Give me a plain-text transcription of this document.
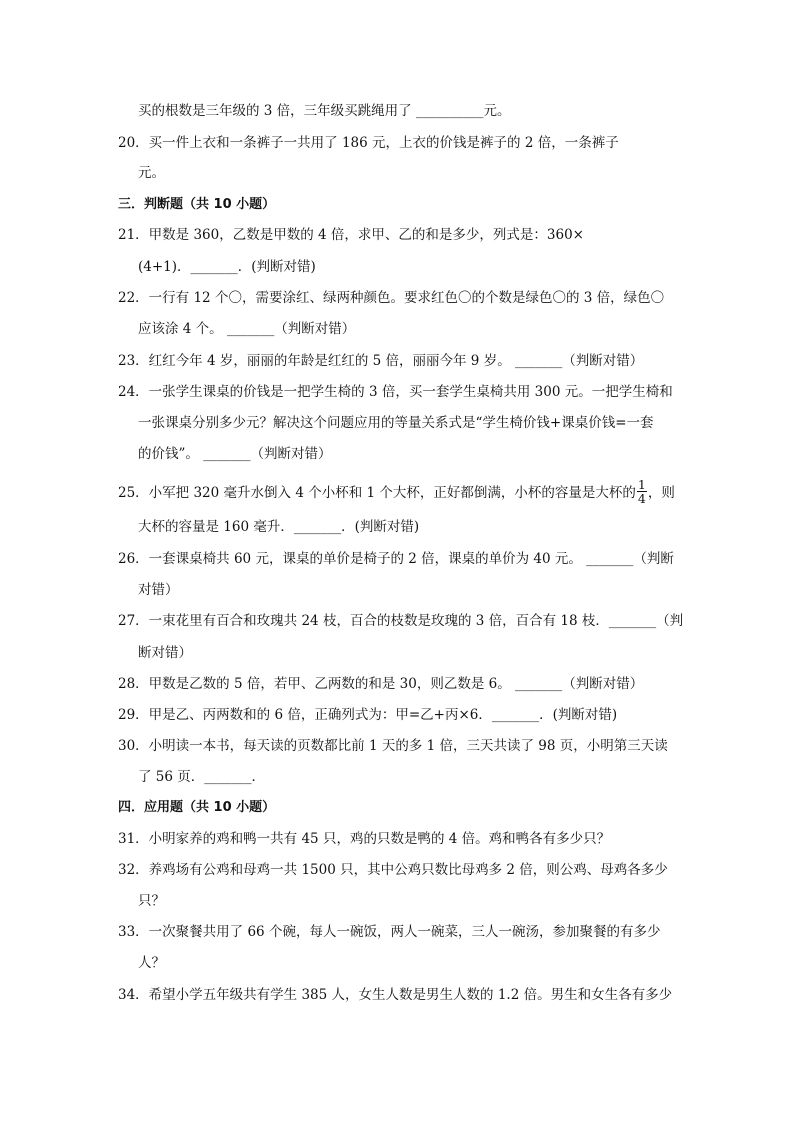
买的根数是三年级的 3 倍，三年级买跳绳用了 __________元。
20．买一件上衣和一条裤子一共用了 186 元，上衣的价钱是裤子的 2 倍，一条裤子
元。
三．判断题（共 10 小题）
21．甲数是 360，乙数是甲数的 4 倍，求甲、乙的和是多少，列式是：360×
(4+1)．_______．(判断对错)
22．一行有 12 个〇，需要涂红、绿两种颜色。要求红色〇的个数是绿色〇的 3 倍，绿色〇
应该涂 4 个。 _______（判断对错）
23．红红今年 4 岁，丽丽的年龄是红红的 5 倍，丽丽今年 9 岁。 _______（判断对错）
24．一张学生课桌的价钱是一把学生椅的 3 倍，买一套学生桌椅共用 300 元。一把学生椅和
一张课桌分别多少元？解决这个问题应用的等量关系式是“学生椅价钱+课桌价钱=一套
的价钱”。 _______（判断对错）
25．小军把 320 毫升水倒入 4 个小杯和 1 个大杯，正好都倒满，小杯的容量是大杯的 $\frac{1}{4}$ ，则
大杯的容量是 160 毫升．_______．(判断对错)
26．一套课桌椅共 60 元，课桌的单价是椅子的 2 倍，课桌的单价为 40 元。 _______（判断
对错）
27．一束花里有百合和玫瑰共 24 枝，百合的枝数是玫瑰的 3 倍，百合有 18 枝．_______（判
断对错）
28．甲数是乙数的 5 倍，若甲、乙两数的和是 30，则乙数是 6。 _______（判断对错）
29．甲是乙、丙两数和的 6 倍，正确列式为：甲=乙+丙×6．_______．(判断对错)
30．小明读一本书，每天读的页数都比前 1 天的多 1 倍，三天共读了 98 页，小明第三天读
了 56 页．_______．
四．应用题（共 10 小题）
31．小明家养的鸡和鸭一共有 45 只，鸡的只数是鸭的 4 倍。鸡和鸭各有多少只？
32．养鸡场有公鸡和母鸡一共 1500 只，其中公鸡只数比母鸡多 2 倍，则公鸡、母鸡各多少
只？
33．一次聚餐共用了 66 个碗，每人一碗饭，两人一碗菜，三人一碗汤，参加聚餐的有多少
人？
34．希望小学五年级共有学生 385 人，女生人数是男生人数的 1.2 倍。男生和女生各有多少
